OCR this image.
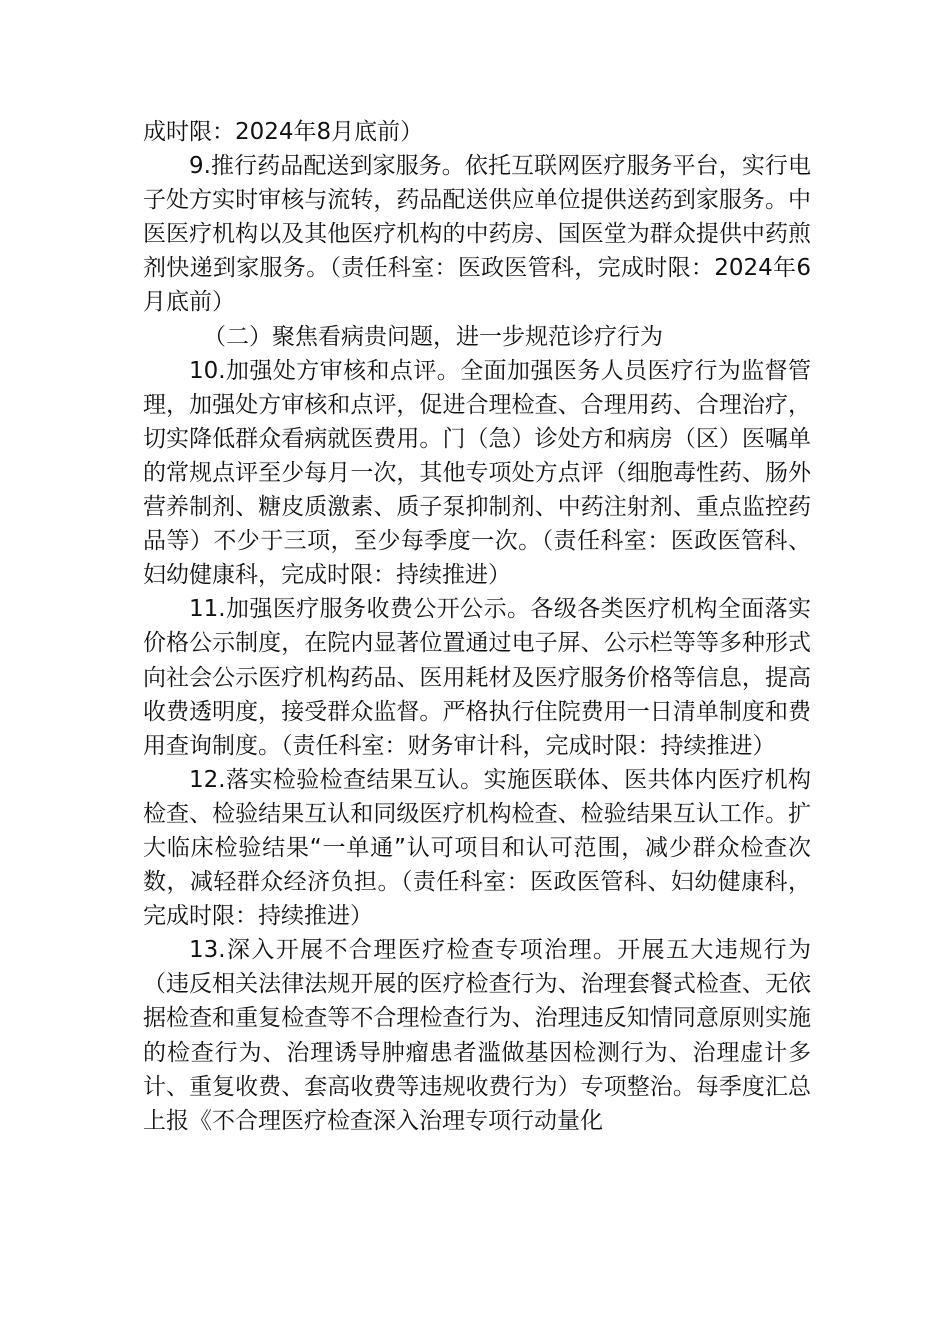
成时限：2024年8月底前）

9.推行药品配送到家服务。依托互联网医疗服务平台，实行电子处方实时审核与流转，药品配送供应单位提供送药到家服务。中医医疗机构以及其他医疗机构的中药房、国医堂为群众提供中药煎剂快递到家服务。（责任科室：医政医管科，完成时限：2024年6月底前）

（二）聚焦看病贵问题，进一步规范诊疗行为

10.加强处方审核和点评。全面加强医务人员医疗行为监督管理，加强处方审核和点评，促进合理检查、合理用药、合理治疗，切实降低群众看病就医费用。门（急）诊处方和病房（区）医嘱单的常规点评至少每月一次，其他专项处方点评（细胞毒性药、肠外营养制剂、糖皮质激素、质子泵抑制剂、中药注射剂、重点监控药品等）不少于三项，至少每季度一次。（责任科室：医政医管科、妇幼健康科，完成时限：持续推进）

11.加强医疗服务收费公开公示。各级各类医疗机构全面落实价格公示制度，在院内显著位置通过电子屏、公示栏等等多种形式向社会公示医疗机构药品、医用耗材及医疗服务价格等信息，提高收费透明度，接受群众监督。严格执行住院费用一日清单制度和费用查询制度。（责任科室：财务审计科，完成时限：持续推进）

12.落实检验检查结果互认。实施医联体、医共体内医疗机构检查、检验结果互认和同级医疗机构检查、检验结果互认工作。扩大临床检验结果“一单通”认可项目和认可范围，减少群众检查次数，减轻群众经济负担。（责任科室：医政医管科、妇幼健康科，完成时限：持续推进）

13.深入开展不合理医疗检查专项治理。开展五大违规行为（违反相关法律法规开展的医疗检查行为、治理套餐式检查、无依据检查和重复检查等不合理检查行为、治理违反知情同意原则实施的检查行为、治理诱导肿瘤患者滥做基因检测行为、治理虚计多计、重复收费、套高收费等违规收费行为）专项整治。每季度汇总上报《不合理医疗检查深入治理专项行动量化
